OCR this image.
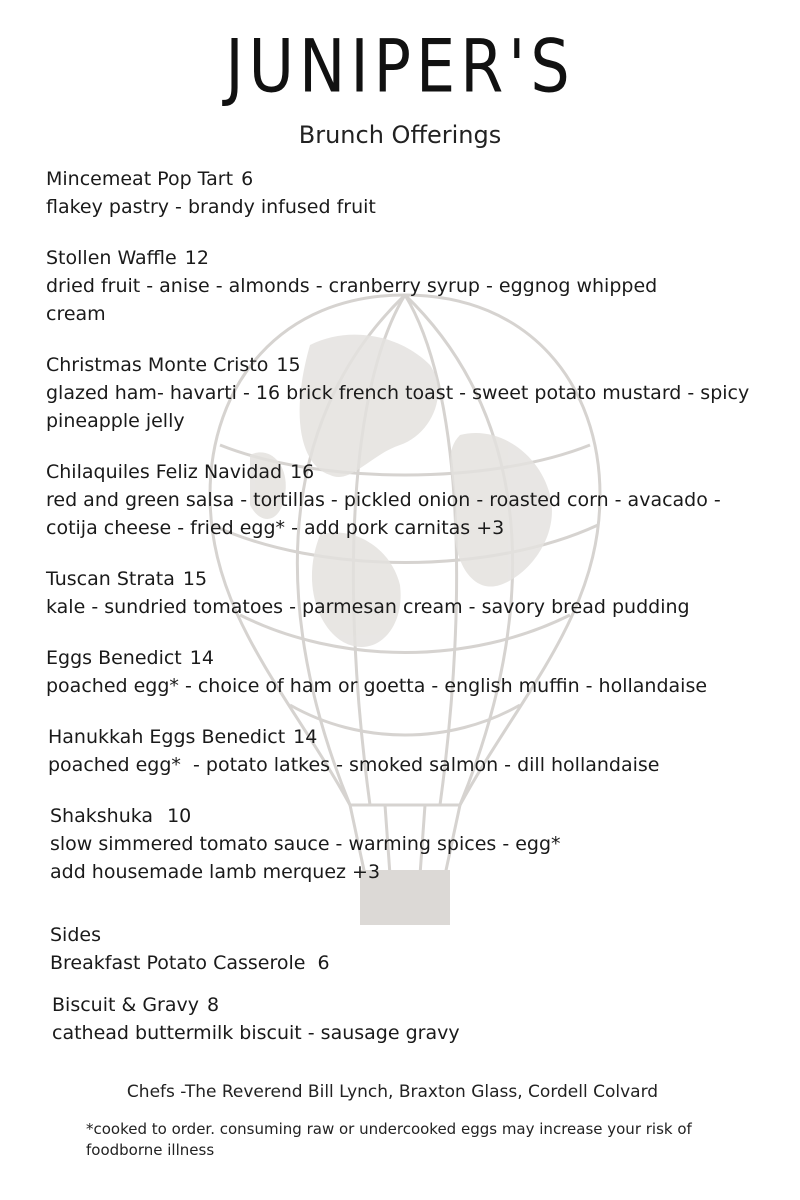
JUNIPER'S
Brunch Offerings
Mincemeat Pop Tart 6
flakey pastry - brandy infused fruit
Stollen Waffle 12
dried fruit - anise - almonds - cranberry syrup - eggnog whipped
cream
Christmas Monte Cristo 15
glazed ham- havarti - 16 brick french toast - sweet potato mustard - spicy
pineapple jelly
Chilaquiles Feliz Navidad 16
red and green salsa - tortillas - pickled onion - roasted corn - avacado -
cotija cheese - fried egg* - add pork carnitas +3
Tuscan Strata 15
kale - sundried tomatoes - parmesan cream - savory bread pudding
Eggs Benedict 14
poached egg* - choice of ham or goetta - english muffin - hollandaise
Hanukkah Eggs Benedict 14
poached egg*  - potato latkes - smoked salmon - dill hollandaise
Shakshuka 10
slow simmered tomato sauce - warming spices - egg*
add housemade lamb merquez +3
Sides
Breakfast Potato Casserole  6
Biscuit & Gravy 8
cathead buttermilk biscuit - sausage gravy
Chefs -The Reverend Bill Lynch, Braxton Glass, Cordell Colvard
*cooked to order. consuming raw or undercooked eggs may increase your risk of foodborne illness
